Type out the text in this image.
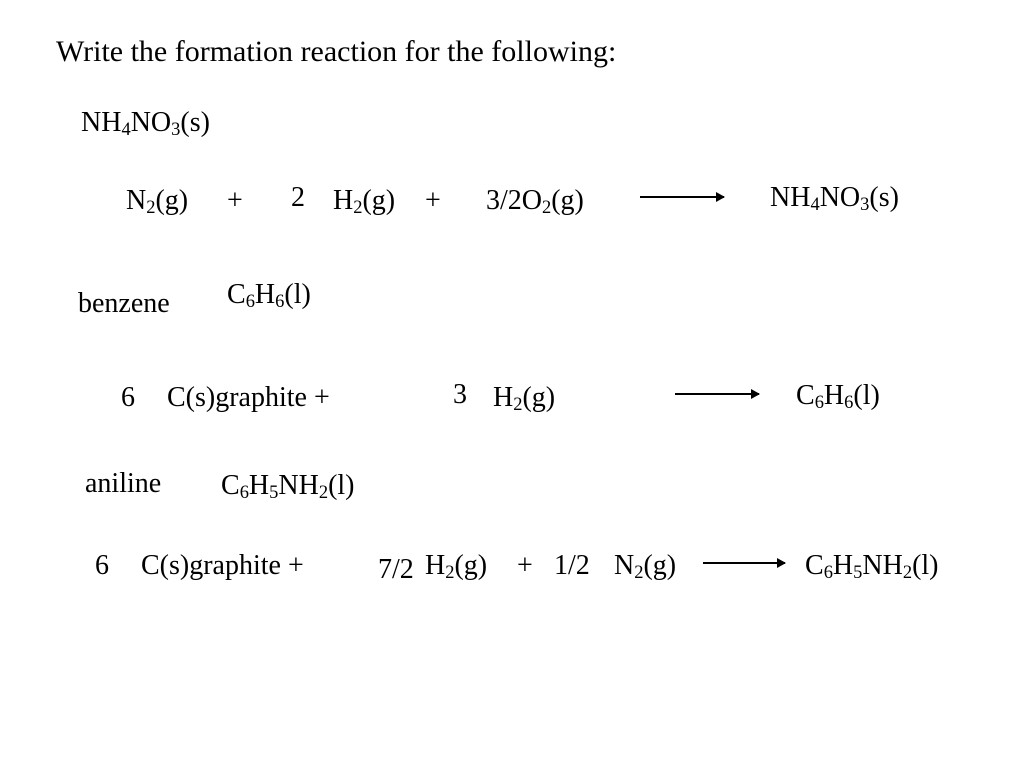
Write the formation reaction for the following:
$NH_4NO_3(s)$
$N_2(g) + 2$ $H_2(g) + 3/2O_2(g)$	$NH_4NO_3(s)$
benzene $C_6H_6(l)$
6 C(s)graphite +	3 $H_2(g)$	$C_6H_6(l)$
aniline $C_6H_5NH_2(l)$
6 C(s)graphite +	7/2 $H_2(g) + 1/2$ $N_2(g)$	$C_6H_5NH_2(l)$
